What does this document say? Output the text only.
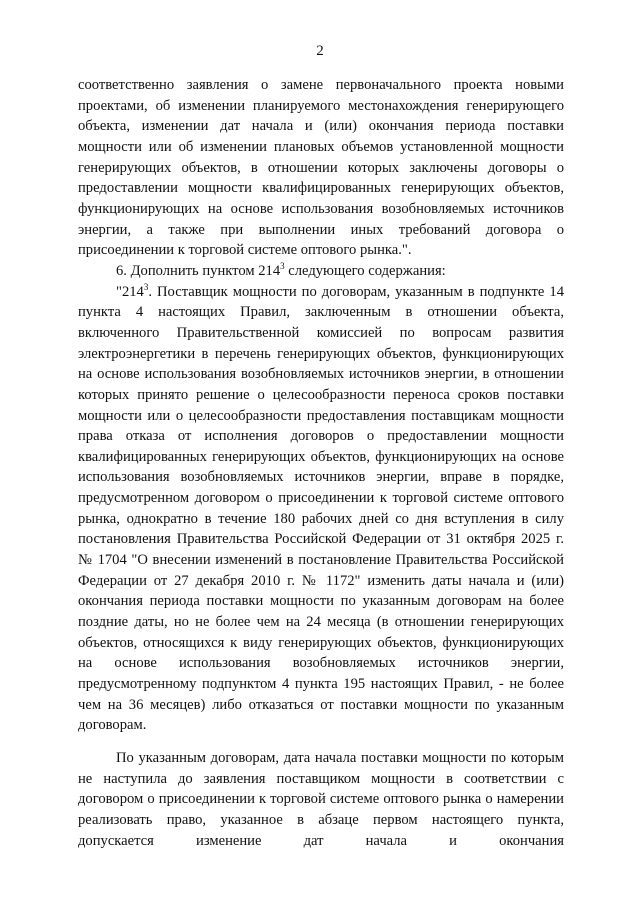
2

соответственно заявления о замене первоначального проекта новыми проектами, об изменении планируемого местонахождения генерирующего объекта, изменении дат начала и (или) окончания периода поставки мощности или об изменении плановых объемов установленной мощности генерирующих объектов, в отношении которых заключены договоры о предоставлении мощности квалифицированных генерирующих объектов, функционирующих на основе использования возобновляемых источников энергии, а также при выполнении иных требований договора о присоединении к торговой системе оптового рынка.".

6. Дополнить пунктом $214^3$ следующего содержания:

"$214^3$. Поставщик мощности по договорам, указанным в подпункте 14 пункта 4 настоящих Правил, заключенным в отношении объекта, включенного Правительственной комиссией по вопросам развития электроэнергетики в перечень генерирующих объектов, функционирующих на основе использования возобновляемых источников энергии, в отношении которых принято решение о целесообразности переноса сроков поставки мощности или о целесообразности предоставления поставщикам мощности права отказа от исполнения договоров о предоставлении мощности квалифицированных генерирующих объектов, функционирующих на основе использования возобновляемых источников энергии, вправе в порядке, предусмотренном договором о присоединении к торговой системе оптового рынка, однократно в течение 180 рабочих дней со дня вступления в силу постановления Правительства Российской Федерации от 31 октября 2025 г. № 1704 "О внесении изменений в постановление Правительства Российской Федерации от 27 декабря 2010 г. № 1172" изменить даты начала и (или) окончания периода поставки мощности по указанным договорам на более поздние даты, но не более чем на 24 месяца (в отношении генерирующих объектов, относящихся к виду генерирующих объектов, функционирующих на основе использования возобновляемых источников энергии, предусмотренному подпунктом 4 пункта 195 настоящих Правил, - не более чем на 36 месяцев) либо отказаться от поставки мощности по указанным договорам.

По указанным договорам, дата начала поставки мощности по которым не наступила до заявления поставщиком мощности в соответствии с договором о присоединении к торговой системе оптового рынка о намерении реализовать право, указанное в абзаце первом настоящего пункта, допускается изменение дат начала и окончания
